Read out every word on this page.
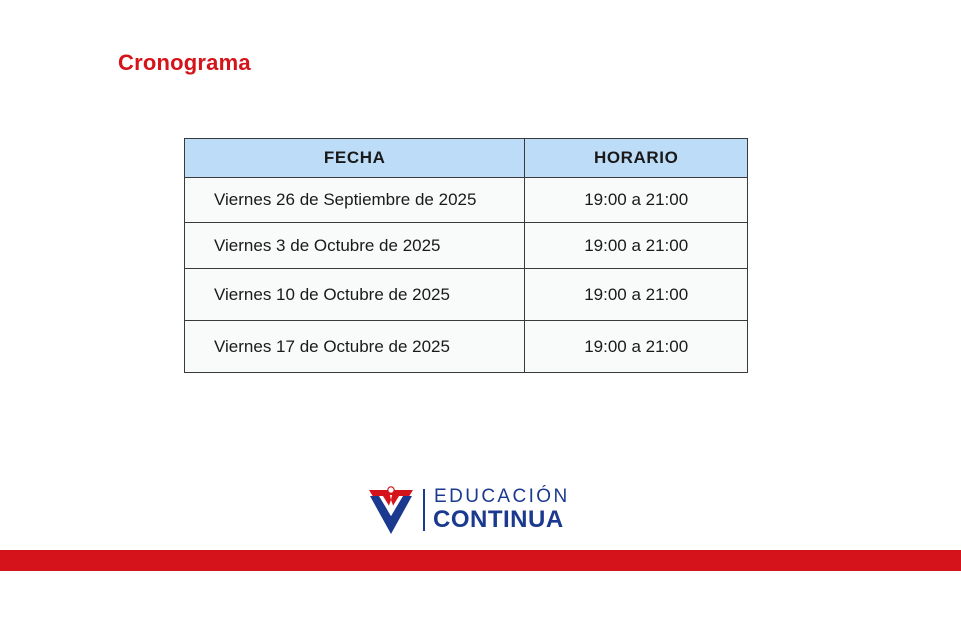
Cronograma
FECHA	HORARIO
Viernes 26 de Septiembre de 2025	19:00 a 21:00
Viernes 3 de Octubre de 2025	19:00 a 21:00
Viernes 10 de Octubre de 2025	19:00 a 21:00
Viernes 17 de Octubre de 2025	19:00 a 21:00
EDUCACIÓN
CONTINUA
